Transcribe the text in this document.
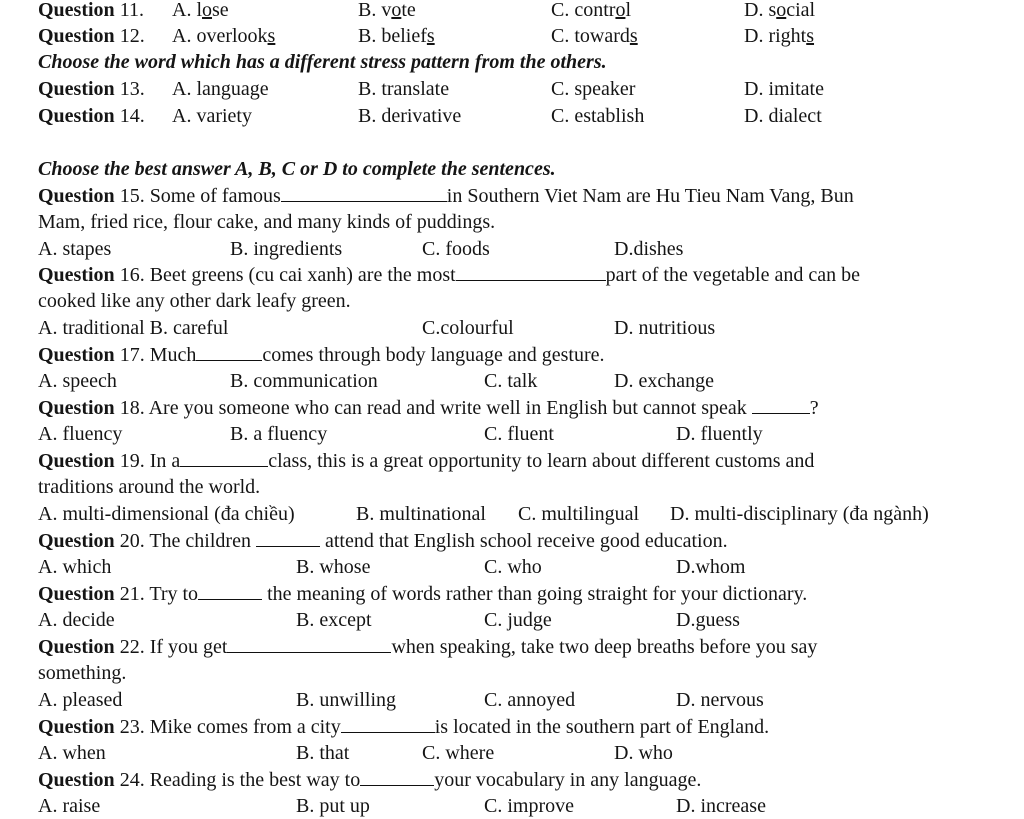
Question 11. A. lose	B. vote	C. control	D. social
Question 12. A. overlooks	B. beliefs	C. towards	D. rights
Choose the word which has a different stress pattern from the others.
Question 13. A. language	B. translate	C. speaker	D. imitate
Question 14. A. variety	B. derivative	C. establish	D. dialect
Choose the best answer A, B, C or D to complete the sentences.
Question 15. Some of famous	in Southern Viet Nam are Hu Tieu Nam Vang, Bun
Mam, fried rice, flour cake, and many kinds of puddings.
A. stapes	B. ingredients	C. foods	D.dishes
Question 16. Beet greens (cu cai xanh) are the most	part of the vegetable and can be
cooked like any other dark leafy green.
A. traditional B. careful	C.colourful	D. nutritious
Question 17. Much	comes through body language and gesture.
A. speech	B. communication	C. talk	D. exchange
Question 18. Are you someone who can read and write well in English but cannot speak	?
A. fluency	B. a fluency	C. fluent	D. fluently
Question 19. In a	class, this is a great opportunity to learn about different customs and
traditions around the world.
A. multi-dimensional (đa chiều)	B. multinational C. multilingual D. multi-disciplinary (đa ngành)
Question 20. The children	attend that English school receive good education.
A. which	B. whose	C. who	D.whom
Question 21. Try to	the meaning of words rather than going straight for your dictionary.
A. decide	B. except	C. judge	D.guess
Question 22. If you get	when speaking, take two deep breaths before you say
something.
A. pleased	B. unwilling	C. annoyed	D. nervous
Question 23. Mike comes from a city	is located in the southern part of England.
A. when	B. that	C. where	D. who
Question 24. Reading is the best way to	your vocabulary in any language.
A. raise	B. put up	C. improve	D. increase
